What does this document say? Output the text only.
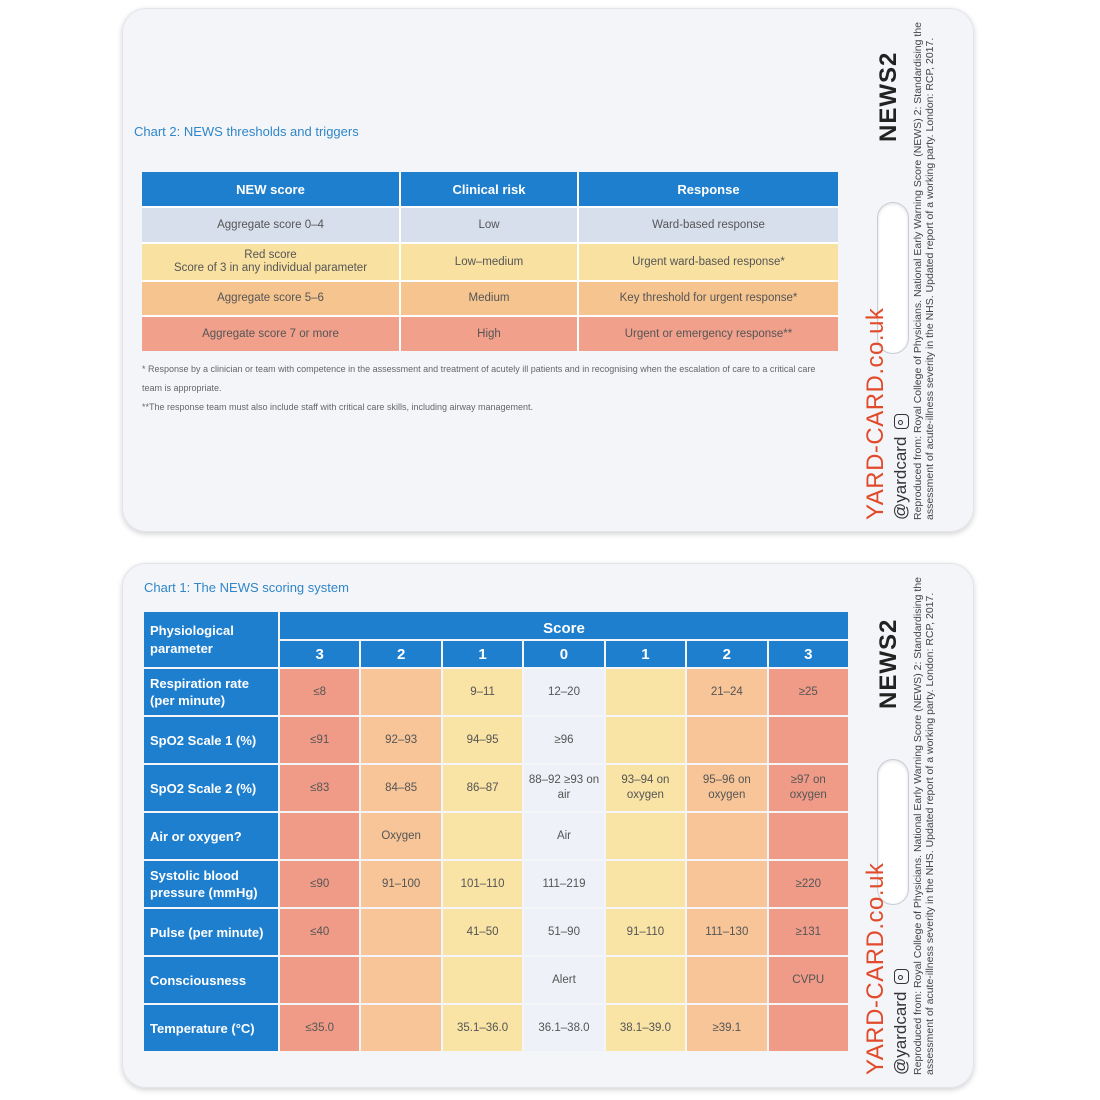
Chart 2: NEWS thresholds and triggers
NEW score	Clinical risk	Response
Aggregate score 0–4	Low	Ward-based response

Red score
Score of 3 in any individual parameter	Low–medium	Urgent ward-based response*
Aggregate score 5–6	Medium	Key threshold for urgent response*
Aggregate score 7 or more	High	Urgent or emergency response**
* Response by a clinician or team with competence in the assessment and treatment of acutely ill patients and in recognising when the escalation of care to a critical care team is appropriate.
**The response team must also include staff with critical care skills, including airway management.
NEWS2
YARD-CARD.co.uk @yardcard Reproduced from: Royal College of Physicians. National Early Warning Score (NEWS) 2: Standardising the assessment of acute-illness severity in the NHS. Updated report of a working party. London: RCP, 2017.
Chart 1: The NEWS scoring system
Physiological parameter	Score						
	3	2	1	0	1	2	3
Respiration rate (per minute)	≤8		9–11	12–20		21–24	≥25
SpO2 Scale 1 (%)	≤91	92–93	94–95	≥96			
SpO2 Scale 2 (%)	≤83	84–85	86–87	88–92 ≥93 on air	93–94 on oxygen	95–96 on oxygen	≥97 on oxygen
Air or oxygen?		Oxygen		Air			
Systolic blood pressure (mmHg)	≤90	91–100	101–110	111–219			≥220
Pulse (per minute)	≤40		41–50	51–90	91–110	111–130	≥131
Consciousness				Alert			CVPU
Temperature (°C)	≤35.0		35.1–36.0	36.1–38.0	38.1–39.0	≥39.1	
NEWS2
YARD-CARD.co.uk @yardcard Reproduced from: Royal College of Physicians. National Early Warning Score (NEWS) 2: Standardising the assessment of acute-illness severity in the NHS. Updated report of a working party. London: RCP, 2017.
